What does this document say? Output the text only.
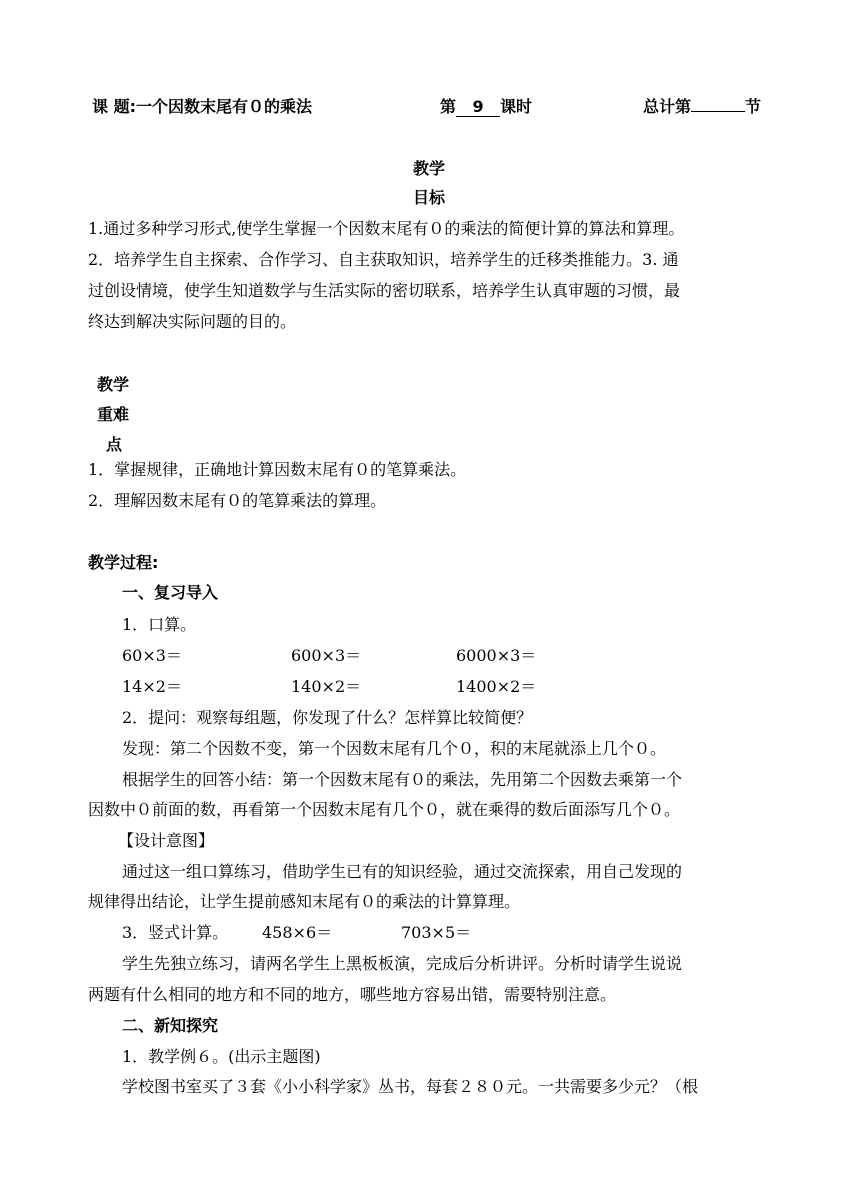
课 题:一个因数末尾有０的乘法	第 9 课时	总计第	节
教学
目标
1.通过多种学习形式,使学生掌握一个因数末尾有０的乘法的简便计算的算法和算理。
2．培养学生自主探索、合作学习、自主获取知识，培养学生的迁移类推能力。3. 通
过创设情境，使学生知道数学与生活实际的密切联系，培养学生认真审题的习惯，最
终达到解决实际问题的目的。
教学
重难
点
1．掌握规律，正确地计算因数末尾有０的笔算乘法。
2．理解因数末尾有０的笔算乘法的算理。
教学过程:
一、复习导入
1．口算。
60×3＝	600×3＝	6000×3＝
14×2＝	140×2＝	1400×2＝
2．提问：观察每组题，你发现了什么？怎样算比较简便？
发现：第二个因数不变，第一个因数末尾有几个０，积的末尾就添上几个０。
根据学生的回答小结：第一个因数末尾有０的乘法，先用第二个因数去乘第一个
因数中０前面的数，再看第一个因数末尾有几个０，就在乘得的数后面添写几个０。
【设计意图】
通过这一组口算练习，借助学生已有的知识经验，通过交流探索，用自己发现的
规律得出结论，让学生提前感知末尾有０的乘法的计算算理。
3．竖式计算。 458×6＝	703×5＝
学生先独立练习，请两名学生上黑板板演，完成后分析讲评。分析时请学生说说
两题有什么相同的地方和不同的地方，哪些地方容易出错，需要特别注意。
二、新知探究
1．教学例６。(出示主题图)
学校图书室买了３套《小小科学家》丛书，每套２８０元。一共需要多少元？（根
